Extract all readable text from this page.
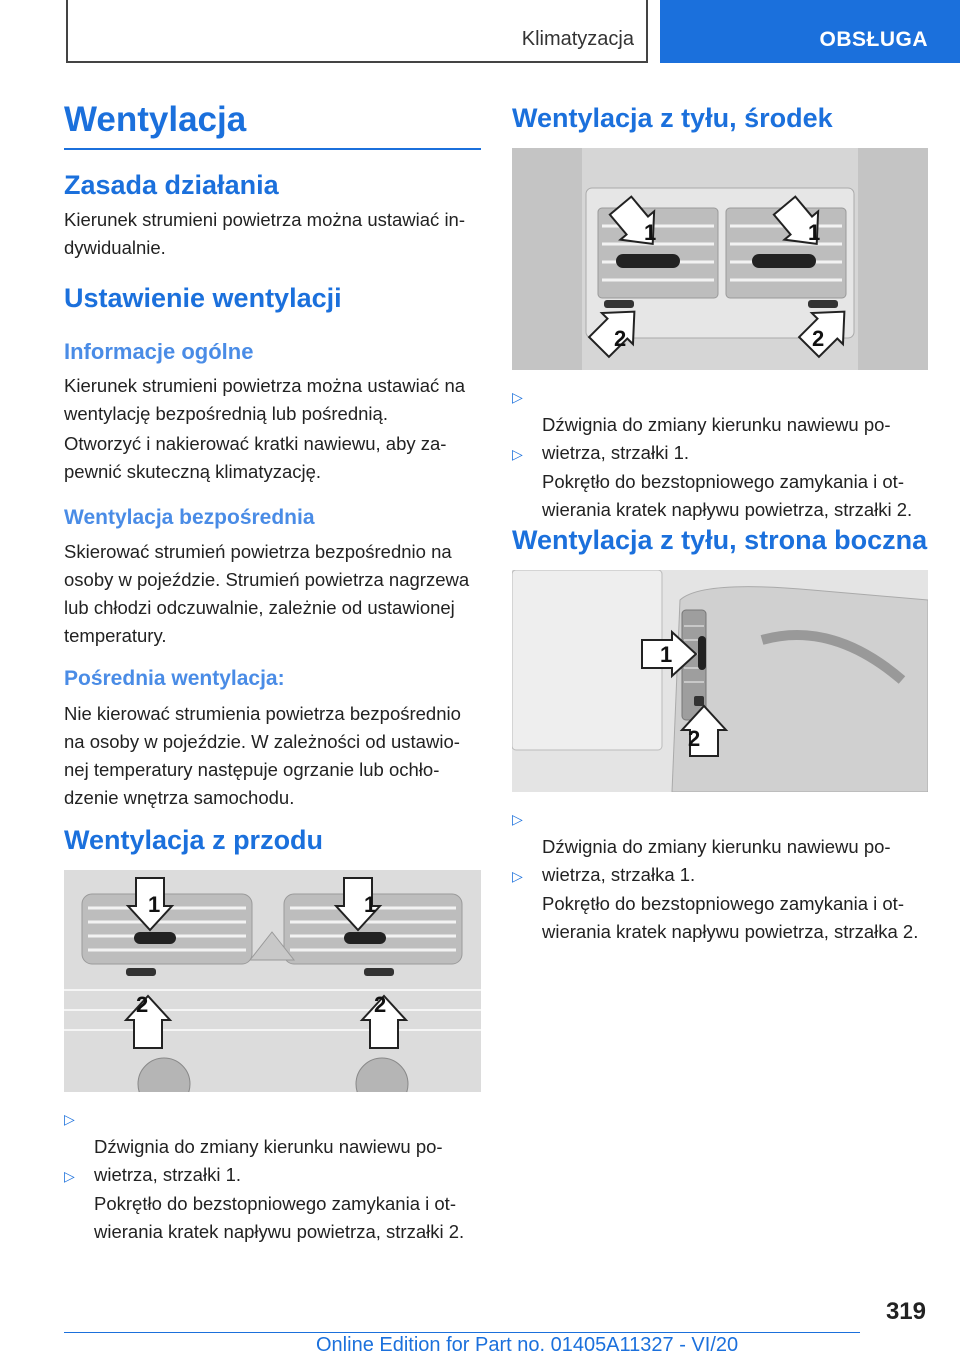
Klimatyzacja	OBSŁUGA
Wentylacja
Zasada działania
Kierunek strumieni powietrza można ustawiać in-
dywidualnie.
Ustawienie wentylacji
Informacje ogólne
Kierunek strumieni powietrza można ustawiać na
wentylację bezpośrednią lub pośrednią.
Otworzyć i nakierować kratki nawiewu, aby za-
pewnić skuteczną klimatyzację.
Wentylacja bezpośrednia
Skierować strumień powietrza bezpośrednio na
osoby w pojeździe. Strumień powietrza nagrzewa
lub chłodzi odczuwalnie, zależnie od ustawionej
temperatury.
Pośrednia wentylacja:
Nie kierować strumienia powietrza bezpośrednio
na osoby w pojeździe. W zależności od ustawio-
nej temperatury następuje ogrzanie lub ochło-
dzenie wnętrza samochodu.
Wentylacja z przodu
1	1
2	2

▷
Dźwignia do zmiany kierunku nawiewu po-
wietrza, strzałki 1.

▷
Pokrętło do bezstopniowego zamykania i ot-
wierania kratek napływu powietrza, strzałki 2.

Wentylacja z tyłu, środek
1	1
2	2

▷
Dźwignia do zmiany kierunku nawiewu po-
wietrza, strzałki 1.

▷
Pokrętło do bezstopniowego zamykania i ot-
wierania kratek napływu powietrza, strzałki 2.

Wentylacja z tyłu, strona boczna
1
2

▷
Dźwignia do zmiany kierunku nawiewu po-
wietrza, strzałka 1.

▷
Pokrętło do bezstopniowego zamykania i ot-
wierania kratek napływu powietrza, strzałka 2.

319
Online Edition for Part no. 01405A11327 - VI/20
